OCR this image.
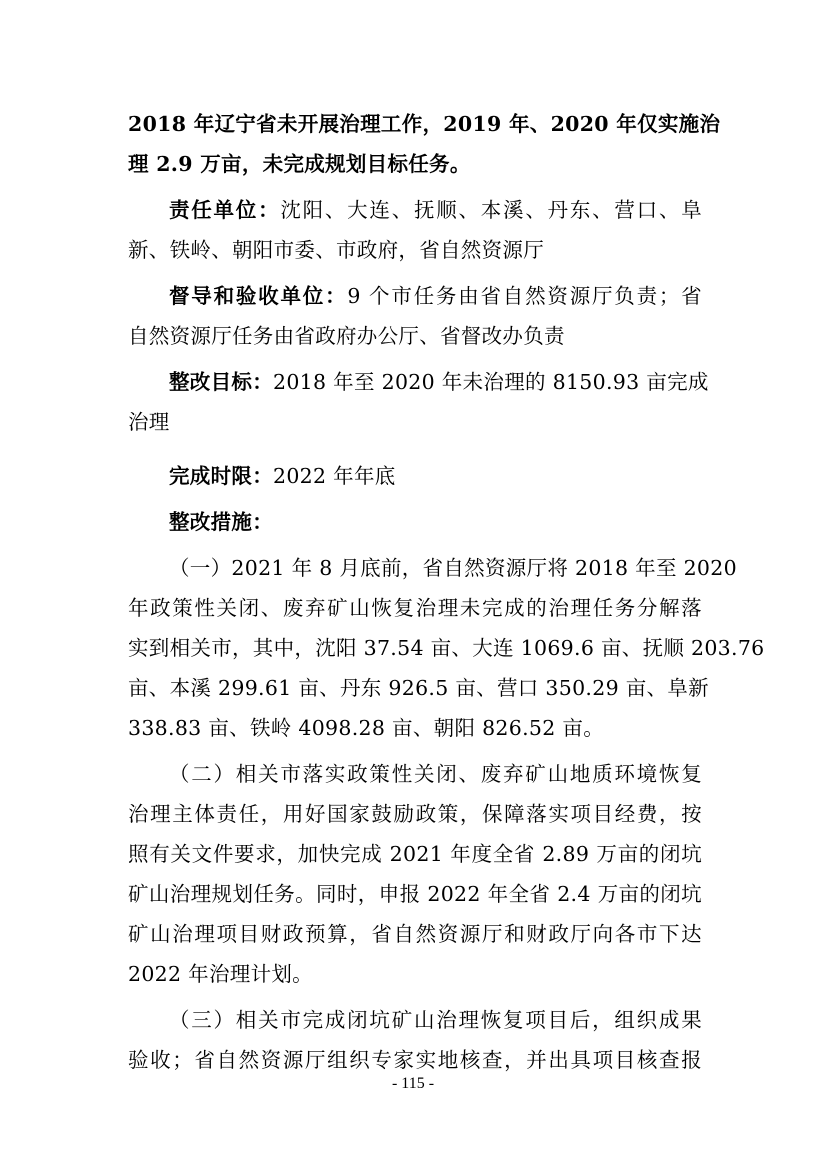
2018 年辽宁省未开展治理工作，2019 年、2020 年仅实施治
理 2.9 万亩，未完成规划目标任务。
责任单位：沈阳、大连、抚顺、本溪、丹东、营口、阜
新、铁岭、朝阳市委、市政府，省自然资源厅
督导和验收单位：9 个市任务由省自然资源厅负责；省
自然资源厅任务由省政府办公厅、省督改办负责
整改目标：2018 年至 2020 年未治理的 8150.93 亩完成
治理
完成时限：2022 年年底
整改措施：
（一）2021 年 8 月底前，省自然资源厅将 2018 年至 2020
年政策性关闭、废弃矿山恢复治理未完成的治理任务分解落
实到相关市，其中，沈阳 37.54 亩、大连 1069.6 亩、抚顺 203.76
亩、本溪 299.61 亩、丹东 926.5 亩、营口 350.29 亩、阜新
338.83 亩、铁岭 4098.28 亩、朝阳 826.52 亩。
（二）相关市落实政策性关闭、废弃矿山地质环境恢复
治理主体责任，用好国家鼓励政策，保障落实项目经费，按
照有关文件要求，加快完成 2021 年度全省 2.89 万亩的闭坑
矿山治理规划任务。同时，申报 2022 年全省 2.4 万亩的闭坑
矿山治理项目财政预算，省自然资源厅和财政厅向各市下达
2022 年治理计划。
（三）相关市完成闭坑矿山治理恢复项目后，组织成果
验收；省自然资源厅组织专家实地核查，并出具项目核查报
- 115 -
